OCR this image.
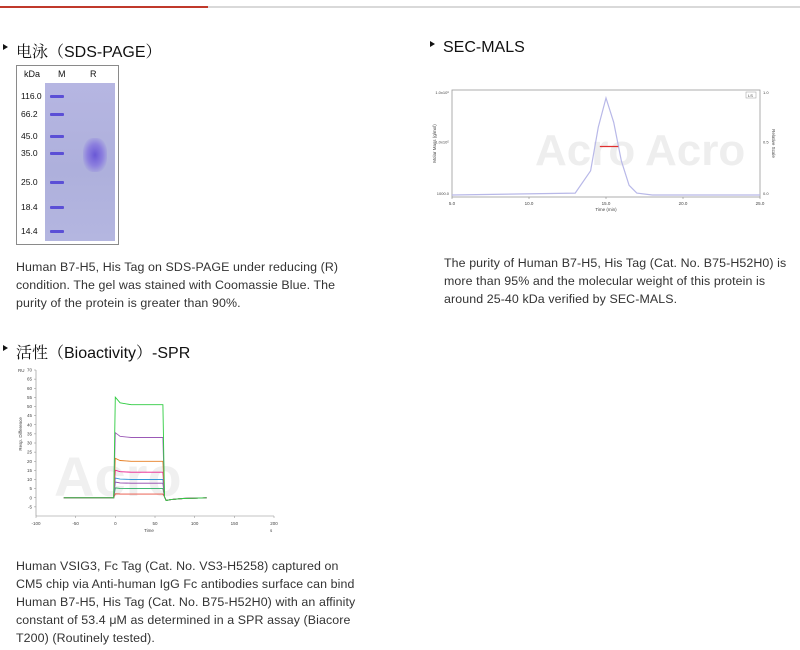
电泳（SDS-PAGE）
kDa M	R
116.0
66.2
45.0
35.0
25.0
18.4
14.4

Human B7-H5, His Tag on SDS-PAGE under reducing (R) condition. The gel was stained with Coomassie Blue. The purity of the protein is greater than 90%.

SEC-MALS
Acro Acro
5.0	10.0	15.0	20.0	25.0
Time (min)
1000.0
1.0x10⁵
1.0x10⁶
0.0
0.5
1.0
Molar Mass (g/mol)	Relative Scale
LS

The purity of Human B7-H5, His Tag (Cat. No. B75-H52H0) is more than 95% and the molecular weight of this protein is around 25-40 kDa verified by SEC-MALS.

活性（Bioactivity）-SPR
Acro
70
65
60
55
50
45
40
35
30
25
20
15
10
5
0
-5
-100	-50	0	50	100	150	200
RU
Resp. Difference
Time	s

Human VSIG3, Fc Tag (Cat. No. VS3-H5258) captured on CM5 chip via Anti-human IgG Fc antibodies surface can bind Human B7-H5, His Tag (Cat. No. B75-H52H0) with an affinity constant of 53.4 μM as determined in a SPR assay (Biacore T200) (Routinely tested).
